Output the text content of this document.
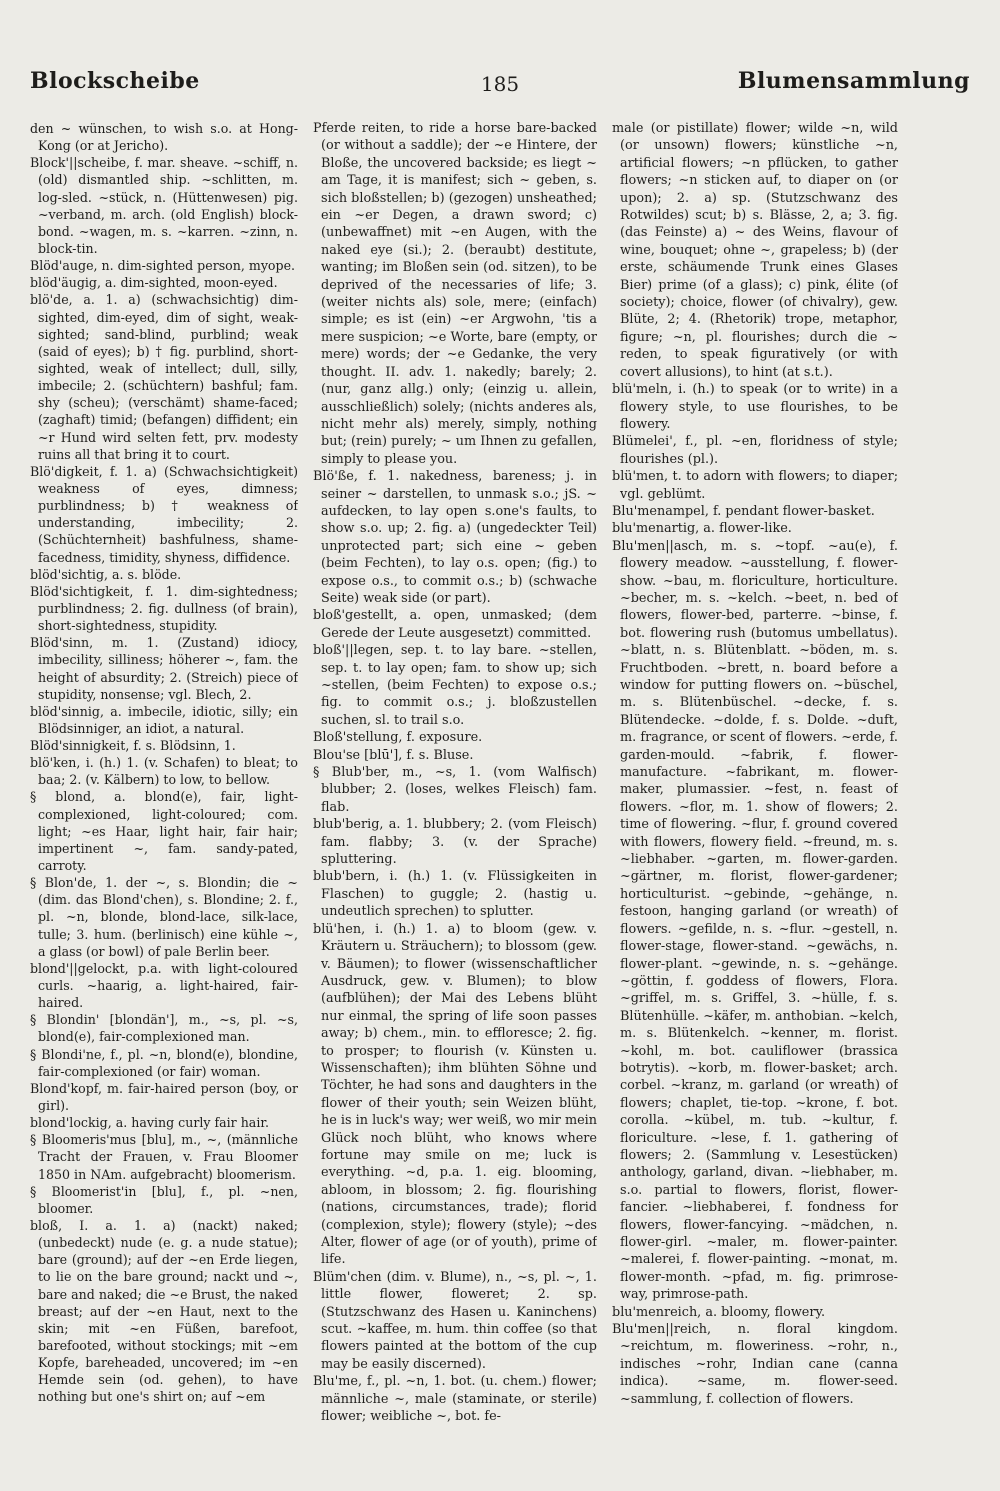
Blockscheibe	185	Blumensammlung
den ~ wünschen, to wish s.o. at Hong-Kong (or at Jericho).
Block'||scheibe, f. mar. sheave. ~schiff, n. (old) dismantled ship. ~schlitten, m. log-sled. ~stück, n. (Hüttenwesen) pig. ~verband, m. arch. (old English) block-bond. ~wagen, m. s. ~karren. ~zinn, n. block-tin.
Blöd'auge, n. dim-sighted person, myope.
blöd'äugig, a. dim-sighted, moon-eyed.
blö'de, a. 1. a) (schwachsichtig) dim-sighted, dim-eyed, dim of sight, weak-sighted; sand-blind, purblind; weak (said of eyes); b) † fig. purblind, short-sighted, weak of intellect; dull, silly, imbecile; 2. (schüchtern) bashful; fam. shy (scheu); (verschämt) shame-faced; (zaghaft) timid; (befangen) diffident; ein ~r Hund wird selten fett, prv. modesty ruins all that bring it to court.
Blö'digkeit, f. 1. a) (Schwachsichtigkeit) weakness of eyes, dimness; purblindness; b) † weakness of understanding, imbecility; 2. (Schüchternheit) bashfulness, shame-facedness, timidity, shyness, diffidence.
blöd'sichtig, a. s. blöde.
Blöd'sichtigkeit, f. 1. dim-sightedness; purblindness; 2. fig. dullness (of brain), short-sightedness, stupidity.
Blöd'sinn, m. 1. (Zustand) idiocy, imbecility, silliness; höherer ~, fam. the height of absurdity; 2. (Streich) piece of stupidity, nonsense; vgl. Blech, 2.
blöd'sinnig, a. imbecile, idiotic, silly; ein Blödsinniger, an idiot, a natural.
Blöd'sinnigkeit, f. s. Blödsinn, 1.
blö'ken, i. (h.) 1. (v. Schafen) to bleat; to baa; 2. (v. Kälbern) to low, to bellow.
§ blond, a. blond(e), fair, light-complexioned, light-coloured; com. light; ~es Haar, light hair, fair hair; impertinent ~, fam. sandy-pated, carroty.
§ Blon'de, 1. der ~, s. Blondin; die ~ (dim. das Blond'chen), s. Blondine; 2. f., pl. ~n, blonde, blond-lace, silk-lace, tulle; 3. hum. (berlinisch) eine kühle ~, a glass (or bowl) of pale Berlin beer.
blond'||gelockt, p.a. with light-coloured curls. ~haarig, a. light-haired, fair-haired.
§ Blondin' [blondän'], m., ~s, pl. ~s, blond(e), fair-complexioned man.
§ Blondi'ne, f., pl. ~n, blond(e), blondine, fair-complexioned (or fair) woman.
Blond'kopf, m. fair-haired person (boy, or girl).
blond'lockig, a. having curly fair hair.
§ Bloomeris'mus [blu], m., ~, (männliche Tracht der Frauen, v. Frau Bloomer 1850 in NAm. aufgebracht) bloomerism.
§ Bloomerist'in [blu], f., pl. ~nen, bloomer.
bloß, I. a. 1. a) (nackt) naked; (unbedeckt) nude (e. g. a nude statue); bare (ground); auf der ~en Erde liegen, to lie on the bare ground; nackt und ~, bare and naked; die ~e Brust, the naked breast; auf der ~en Haut, next to the skin; mit ~en Füßen, barefoot, barefooted, without stockings; mit ~em Kopfe, bareheaded, uncovered; im ~en Hemde sein (od. gehen), to have nothing but one's shirt on; auf ~em
Pferde reiten, to ride a horse bare-backed (or without a saddle); der ~e Hintere, der Bloße, the uncovered backside; es liegt ~ am Tage, it is manifest; sich ~ geben, s. sich bloßstellen; b) (gezogen) unsheathed; ein ~er Degen, a drawn sword; c) (unbewaffnet) mit ~en Augen, with the naked eye (si.); 2. (beraubt) destitute, wanting; im Bloßen sein (od. sitzen), to be deprived of the necessaries of life; 3. (weiter nichts als) sole, mere; (einfach) simple; es ist (ein) ~er Argwohn, 'tis a mere suspicion; ~e Worte, bare (empty, or mere) words; der ~e Gedanke, the very thought. II. adv. 1. nakedly; barely; 2. (nur, ganz allg.) only; (einzig u. allein, ausschließlich) solely; (nichts anderes als, nicht mehr als) merely, simply, nothing but; (rein) purely; ~ um Ihnen zu gefallen, simply to please you.
Blö'ße, f. 1. nakedness, bareness; j. in seiner ~ darstellen, to unmask s.o.; jS. ~ aufdecken, to lay open s.one's faults, to show s.o. up; 2. fig. a) (ungedeckter Teil) unprotected part; sich eine ~ geben (beim Fechten), to lay o.s. open; (fig.) to expose o.s., to commit o.s.; b) (schwache Seite) weak side (or part).
bloß'gestellt, a. open, unmasked; (dem Gerede der Leute ausgesetzt) committed.
bloß'||legen, sep. t. to lay bare. ~stellen, sep. t. to lay open; fam. to show up; sich ~stellen, (beim Fechten) to expose o.s.; fig. to commit o.s.; j. bloßzustellen suchen, sl. to trail s.o.
Bloß'stellung, f. exposure.
Blou'se [blū'], f. s. Bluse.
§ Blub'ber, m., ~s, 1. (vom Walfisch) blubber; 2. (loses, welkes Fleisch) fam. flab.
blub'berig, a. 1. blubbery; 2. (vom Fleisch) fam. flabby; 3. (v. der Sprache) spluttering.
blub'bern, i. (h.) 1. (v. Flüssigkeiten in Flaschen) to guggle; 2. (hastig u. undeutlich sprechen) to splutter.
blü'hen, i. (h.) 1. a) to bloom (gew. v. Kräutern u. Sträuchern); to blossom (gew. v. Bäumen); to flower (wissenschaftlicher Ausdruck, gew. v. Blumen); to blow (aufblühen); der Mai des Lebens blüht nur einmal, the spring of life soon passes away; b) chem., min. to effloresce; 2. fig. to prosper; to flourish (v. Künsten u. Wissenschaften); ihm blühten Söhne und Töchter, he had sons and daughters in the flower of their youth; sein Weizen blüht, he is in luck's way; wer weiß, wo mir mein Glück noch blüht, who knows where fortune may smile on me; luck is everything. ~d, p.a. 1. eig. blooming, abloom, in blossom; 2. fig. flourishing (nations, circumstances, trade); florid (complexion, style); flowery (style); ~des Alter, flower of age (or of youth), prime of life.
Blüm'chen (dim. v. Blume), n., ~s, pl. ~, 1. little flower, floweret; 2. sp. (Stutzschwanz des Hasen u. Kaninchens) scut. ~kaffee, m. hum. thin coffee (so that flowers painted at the bottom of the cup may be easily discerned).
Blu'me, f., pl. ~n, 1. bot. (u. chem.) flower; männliche ~, male (staminate, or sterile) flower; weibliche ~, bot. fe-
male (or pistillate) flower; wilde ~n, wild (or unsown) flowers; künstliche ~n, artificial flowers; ~n pflücken, to gather flowers; ~n sticken auf, to diaper on (or upon); 2. a) sp. (Stutzschwanz des Rotwildes) scut; b) s. Blässe, 2, a; 3. fig. (das Feinste) a) ~ des Weins, flavour of wine, bouquet; ohne ~, grapeless; b) (der erste, schäumende Trunk eines Glases Bier) prime (of a glass); c) pink, élite (of society); choice, flower (of chivalry), gew. Blüte, 2; 4. (Rhetorik) trope, metaphor, figure; ~n, pl. flourishes; durch die ~ reden, to speak figuratively (or with covert allusions), to hint (at s.t.).
blü'meln, i. (h.) to speak (or to write) in a flowery style, to use flourishes, to be flowery.
Blümelei', f., pl. ~en, floridness of style; flourishes (pl.).
blü'men, t. to adorn with flowers; to diaper; vgl. geblümt.
Blu'menampel, f. pendant flower-basket.
blu'menartig, a. flower-like.
Blu'men||asch, m. s. ~topf. ~au(e), f. flowery meadow. ~ausstellung, f. flower-show. ~bau, m. floriculture, horticulture. ~becher, m. s. ~kelch. ~beet, n. bed of flowers, flower-bed, parterre. ~binse, f. bot. flowering rush (butomus umbellatus). ~blatt, n. s. Blütenblatt. ~böden, m. s. Fruchtboden. ~brett, n. board before a window for putting flowers on. ~büschel, m. s. Blütenbüschel. ~decke, f. s. Blütendecke. ~dolde, f. s. Dolde. ~duft, m. fragrance, or scent of flowers. ~erde, f. garden-mould. ~fabrik, f. flower-manufacture. ~fabrikant, m. flower-maker, plumassier. ~fest, n. feast of flowers. ~flor, m. 1. show of flowers; 2. time of flowering. ~flur, f. ground covered with flowers, flowery field. ~freund, m. s. ~liebhaber. ~garten, m. flower-garden. ~gärtner, m. florist, flower-gardener; horticulturist. ~gebinde, ~gehänge, n. festoon, hanging garland (or wreath) of flowers. ~gefilde, n. s. ~flur. ~gestell, n. flower-stage, flower-stand. ~gewächs, n. flower-plant. ~gewinde, n. s. ~gehänge. ~göttin, f. goddess of flowers, Flora. ~griffel, m. s. Griffel, 3. ~hülle, f. s. Blütenhülle. ~käfer, m. anthobian. ~kelch, m. s. Blütenkelch. ~kenner, m. florist. ~kohl, m. bot. cauliflower (brassica botrytis). ~korb, m. flower-basket; arch. corbel. ~kranz, m. garland (or wreath) of flowers; chaplet, tie-top. ~krone, f. bot. corolla. ~kübel, m. tub. ~kultur, f. floriculture. ~lese, f. 1. gathering of flowers; 2. (Sammlung v. Lesestücken) anthology, garland, divan. ~liebhaber, m. s.o. partial to flowers, florist, flower-fancier. ~liebhaberei, f. fondness for flowers, flower-fancying. ~mädchen, n. flower-girl. ~maler, m. flower-painter. ~malerei, f. flower-painting. ~monat, m. flower-month. ~pfad, m. fig. primrose-way, primrose-path.
blu'menreich, a. bloomy, flowery.
Blu'men||reich, n. floral kingdom. ~reichtum, m. floweriness. ~rohr, n., indisches ~rohr, Indian cane (canna indica). ~same, m. flower-seed. ~sammlung, f. collection of flowers.
